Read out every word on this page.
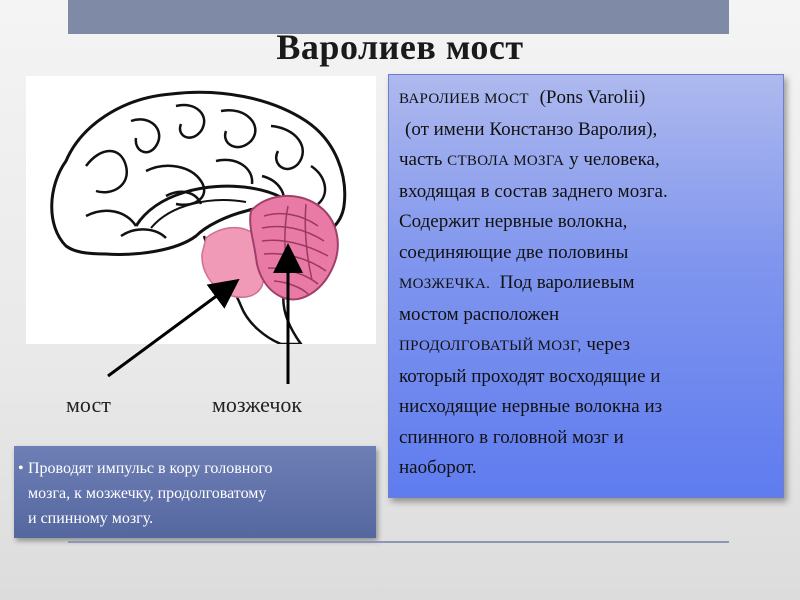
Варолиев мост
мост	мозжечок

ВАРОЛИЕВ МОСТ (Pons Varolii)

(от имени Констанзо Варолия),

часть СТВОЛА МОЗГА у человека,

входящая в состав заднего мозга.

Содержит нервные волокна,

соединяющие две половины

МОЗЖЕЧКА. Под варолиевым

мостом расположен

ПРОДОЛГОВАТЫЙ МОЗГ, через

который проходят восходящие и

нисходящие нервные волокна из

спинного в головной мозг и

наоборот.

• Проводят импульс в кору головного
мозга, к мозжечку, продолговатому
и спинному мозгу.
